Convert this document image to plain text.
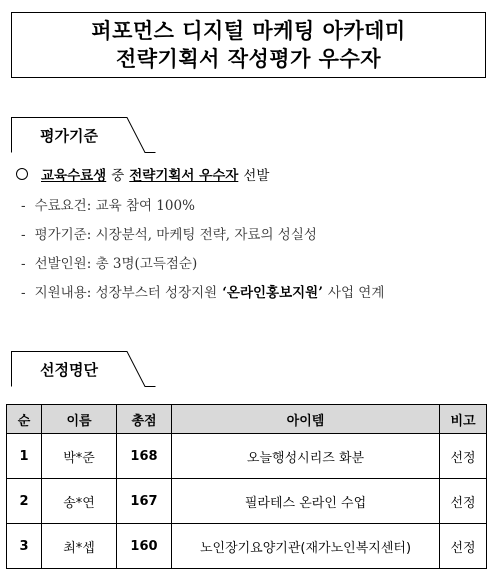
퍼포먼스 디지털 마케팅 아카데미
전략기획서 작성평가 우수자
평가기준
교육수료생 중 전략기획서 우수자 선발
- 수료요건: 교육 참여 100%
- 평가기준: 시장분석, 마케팅 전략, 자료의 성실성
- 선발인원: 총 3명(고득점순)
- 지원내용: 성장부스터 성장지원 ‘온라인홍보지원’ 사업 연계
선정명단
순	이름	총점	아이템	비고
1	박*준	168	오늘행성시리즈 화분	선정
2	송*연	167	필라테스 온라인 수업	선정
3	최*셉	160	노인장기요양기관(재가노인복지센터)	선정
